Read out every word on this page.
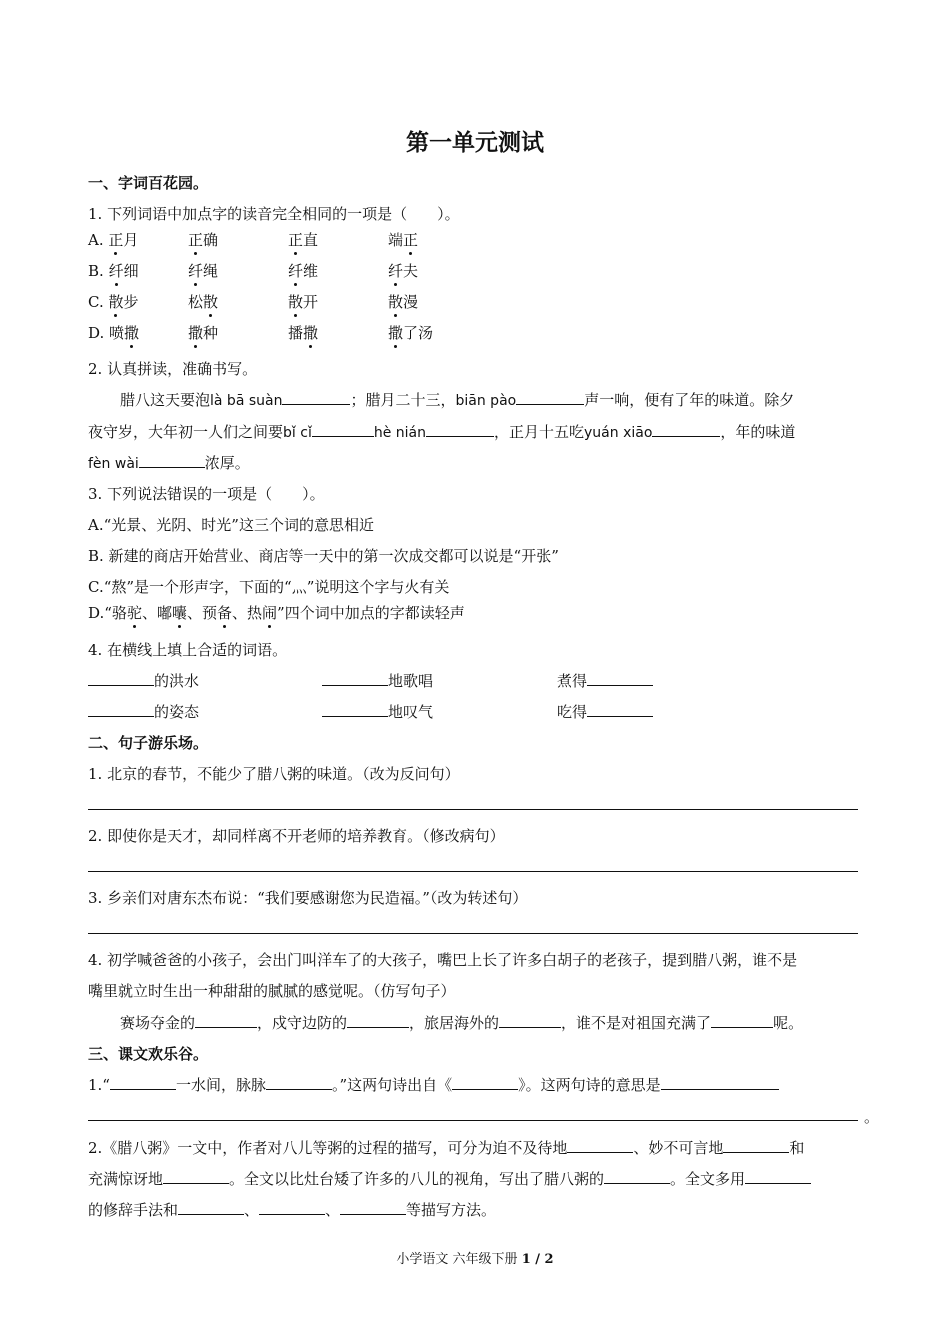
第一单元测试
一、字词百花园。
1. 下列词语中加点字的读音完全相同的一项是（　　）。
A. 正月	正确	正直	端正
B. 纤细	纤绳	纤维	纤夫
C. 散步	松散	散开	散漫
D. 喷撒	撒种	播撒	撒了汤
2. 认真拼读，准确书写。
腊八这天要泡là bā suàn	；腊月二十三，biān pào	声一响，便有了年的味道。除夕
夜守岁，大年初一人们之间要bǐ cǐ	hè nián	，正月十五吃yuán xiāo	，年的味道
fèn wài	浓厚。
3. 下列说法错误的一项是（　　）。
A.“光景、光阴、时光”这三个词的意思相近
B. 新建的商店开始营业、商店等一天中的第一次成交都可以说是“开张”
C.“熬”是一个形声字，下面的“灬”说明这个字与火有关
D.“骆驼、嘟囔、预备、热闹”四个词中加点的字都读轻声
4. 在横线上填上合适的词语。
的洪水	地歌唱	煮得
的姿态	地叹气	吃得
二、句子游乐场。
1. 北京的春节，不能少了腊八粥的味道。（改为反问句）
2. 即使你是天才，却同样离不开老师的培养教育。（修改病句）
3. 乡亲们对唐东杰布说：“我们要感谢您为民造福。”（改为转述句）
4. 初学喊爸爸的小孩子，会出门叫洋车了的大孩子，嘴巴上长了许多白胡子的老孩子，提到腊八粥，谁不是
嘴里就立时生出一种甜甜的腻腻的感觉呢。（仿写句子）
赛场夺金的	，戍守边防的	，旅居海外的	，谁不是对祖国充满了	呢。
三、课文欢乐谷。
1.“	一水间，脉脉	。”这两句诗出自《	》。这两句诗的意思是
。
2.《腊八粥》一文中，作者对八儿等粥的过程的描写，可分为迫不及待地	、妙不可言地	和
充满惊讶地	。全文以比灶台矮了许多的八儿的视角，写出了腊八粥的	。全文多用
的修辞手法和	、	、	等描写方法。
小学语文 六年级下册 1 / 2
